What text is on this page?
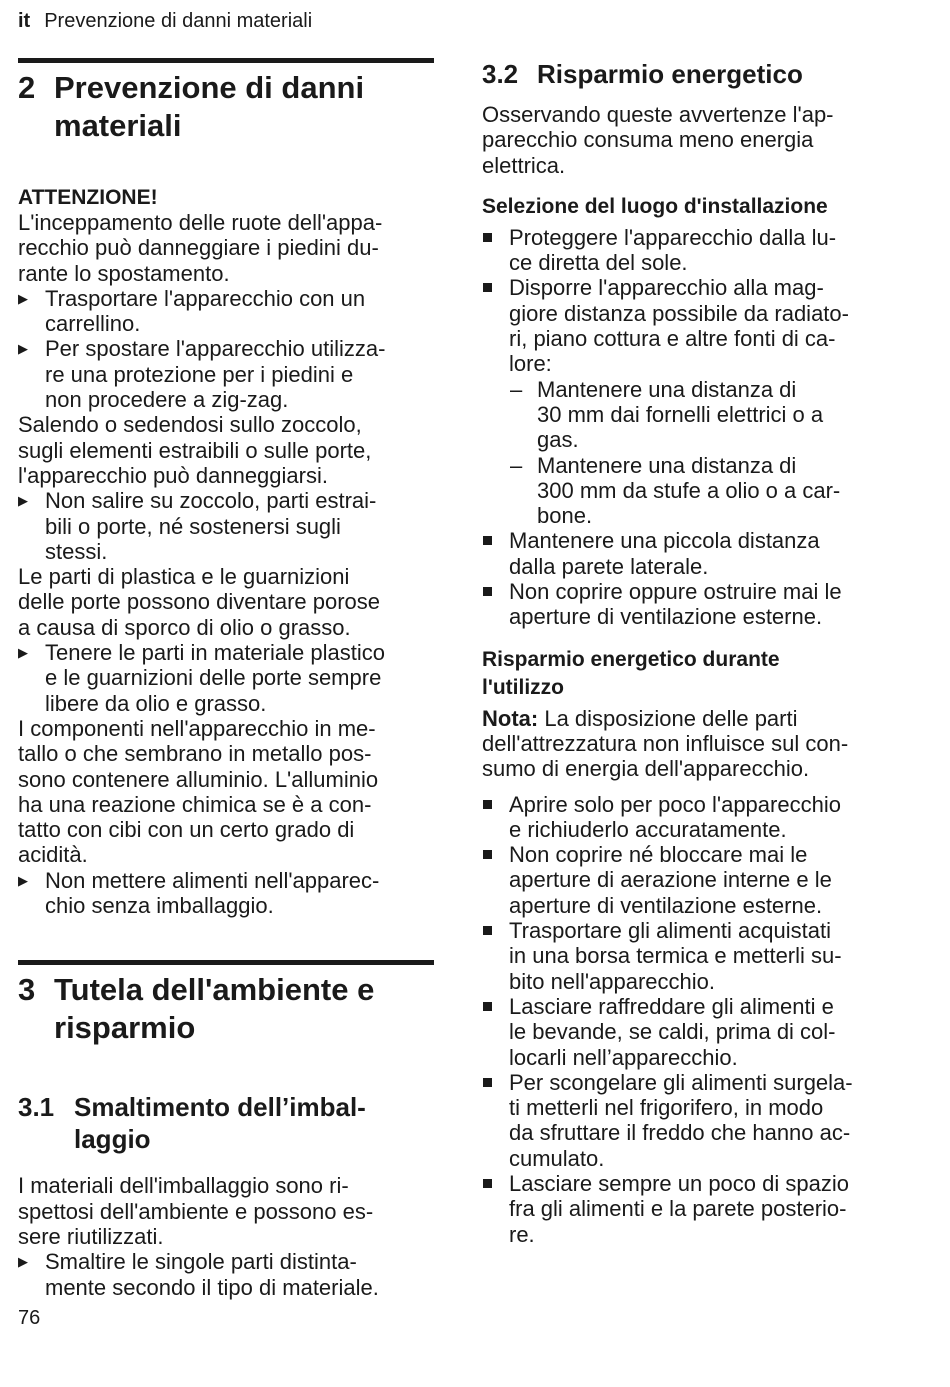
it Prevenzione di danni materiali
2 Prevenzione di danni
materiali

ATTENZIONE!

L'inceppamento delle ruote dell'appa-
recchio può danneggiare i piedini du-
rante lo spostamento.

▶ Trasportare l'apparecchio con un
carrellino.

▶ Per spostare l'apparecchio utilizza-
re una protezione per i piedini e
non procedere a zig-zag.

Salendo o sedendosi sullo zoccolo,
sugli elementi estraibili o sulle porte,
l'apparecchio può danneggiarsi.

▶ Non salire su zoccolo, parti estrai-
bili o porte, né sostenersi sugli
stessi.

Le parti di plastica e le guarnizioni
delle porte possono diventare porose
a causa di sporco di olio o grasso.

▶ Tenere le parti in materiale plastico
e le guarnizioni delle porte sempre
libere da olio e grasso.

I componenti nell'apparecchio in me-
tallo o che sembrano in metallo pos-
sono contenere alluminio. L'alluminio
ha una reazione chimica se è a con-
tatto con cibi con un certo grado di
acidità.

▶ Non mettere alimenti nell'apparec-
chio senza imballaggio.

3 Tutela dell'ambiente e
risparmio
3.1 Smaltimento dell’imbal-
laggio

I materiali dell'imballaggio sono ri-
spettosi dell'ambiente e possono es-
sere riutilizzati.

▶ Smaltire le singole parti distinta-
mente secondo il tipo di materiale.

3.2 Risparmio energetico

Osservando queste avvertenze l'ap-
parecchio consuma meno energia
elettrica.

Selezione del luogo d'installazione

Proteggere l'apparecchio dalla lu-
ce diretta del sole.

Disporre l'apparecchio alla mag-
giore distanza possibile da radiato-
ri, piano cottura e altre fonti di ca-
lore:

– Mantenere una distanza di
30 mm dai fornelli elettrici o a
gas.

– Mantenere una distanza di
300 mm da stufe a olio o a car-
bone.

Mantenere una piccola distanza
dalla parete laterale.

Non coprire oppure ostruire mai le
aperture di ventilazione esterne.

Risparmio energetico durante
l'utilizzo

Nota: La disposizione delle parti
dell'attrezzatura non influisce sul con-
sumo di energia dell'apparecchio.

Aprire solo per poco l'apparecchio
e richiuderlo accuratamente.

Non coprire né bloccare mai le
aperture di aerazione interne e le
aperture di ventilazione esterne.

Trasportare gli alimenti acquistati
in una borsa termica e metterli su-
bito nell'apparecchio.

Lasciare raffreddare gli alimenti e
le bevande, se caldi, prima di col-
locarli nell’apparecchio.

Per scongelare gli alimenti surgela-
ti metterli nel frigorifero, in modo
da sfruttare il freddo che hanno ac-
cumulato.

Lasciare sempre un poco di spazio
fra gli alimenti e la parete posterio-
re.

76
